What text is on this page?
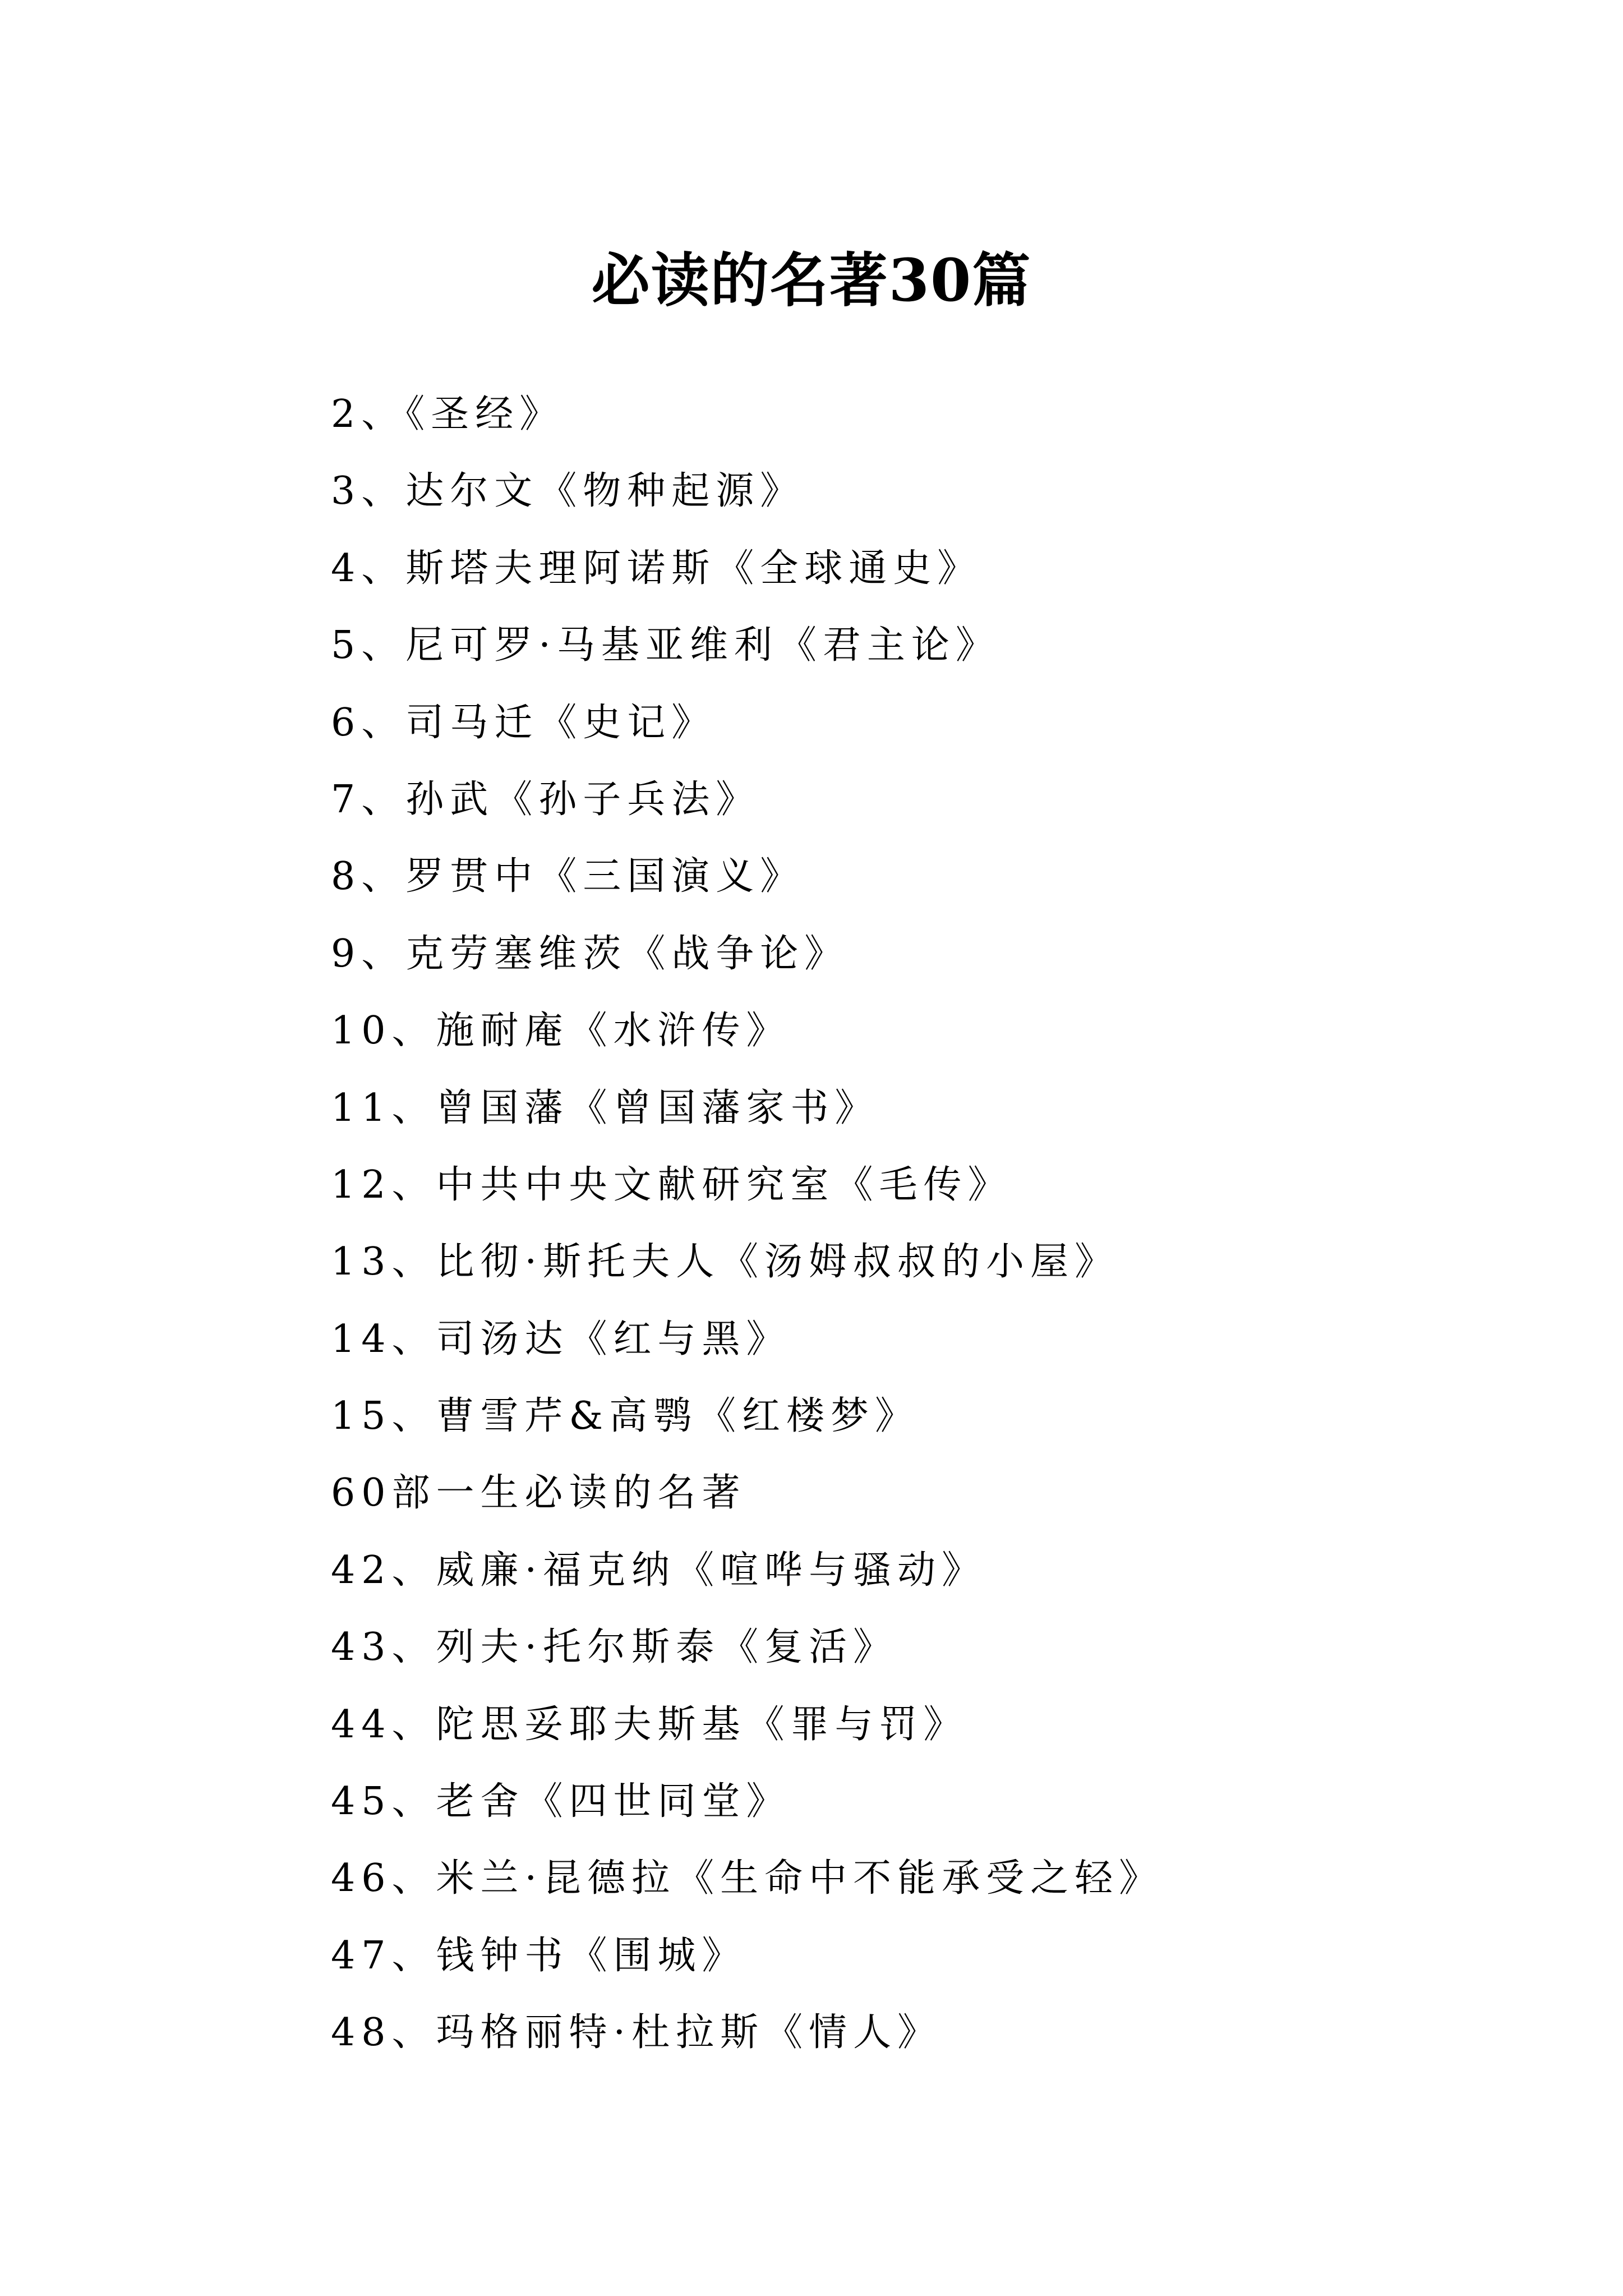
必读的名著30篇
2、《圣经》
3、达尔文《物种起源》
4、斯塔夫理阿诺斯《全球通史》
5、尼可罗·马基亚维利《君主论》
6、司马迁《史记》
7、孙武《孙子兵法》
8、罗贯中《三国演义》
9、克劳塞维茨《战争论》
10、施耐庵《水浒传》
11、曾国藩《曾国藩家书》
12、中共中央文献研究室《毛传》
13、比彻·斯托夫人《汤姆叔叔的小屋》
14、司汤达《红与黑》
15、曹雪芹&高鹗《红楼梦》
60部一生必读的名著
42、威廉·福克纳《喧哗与骚动》
43、列夫·托尔斯泰《复活》
44、陀思妥耶夫斯基《罪与罚》
45、老舍《四世同堂》
46、米兰·昆德拉《生命中不能承受之轻》
47、钱钟书《围城》
48、玛格丽特·杜拉斯《情人》
